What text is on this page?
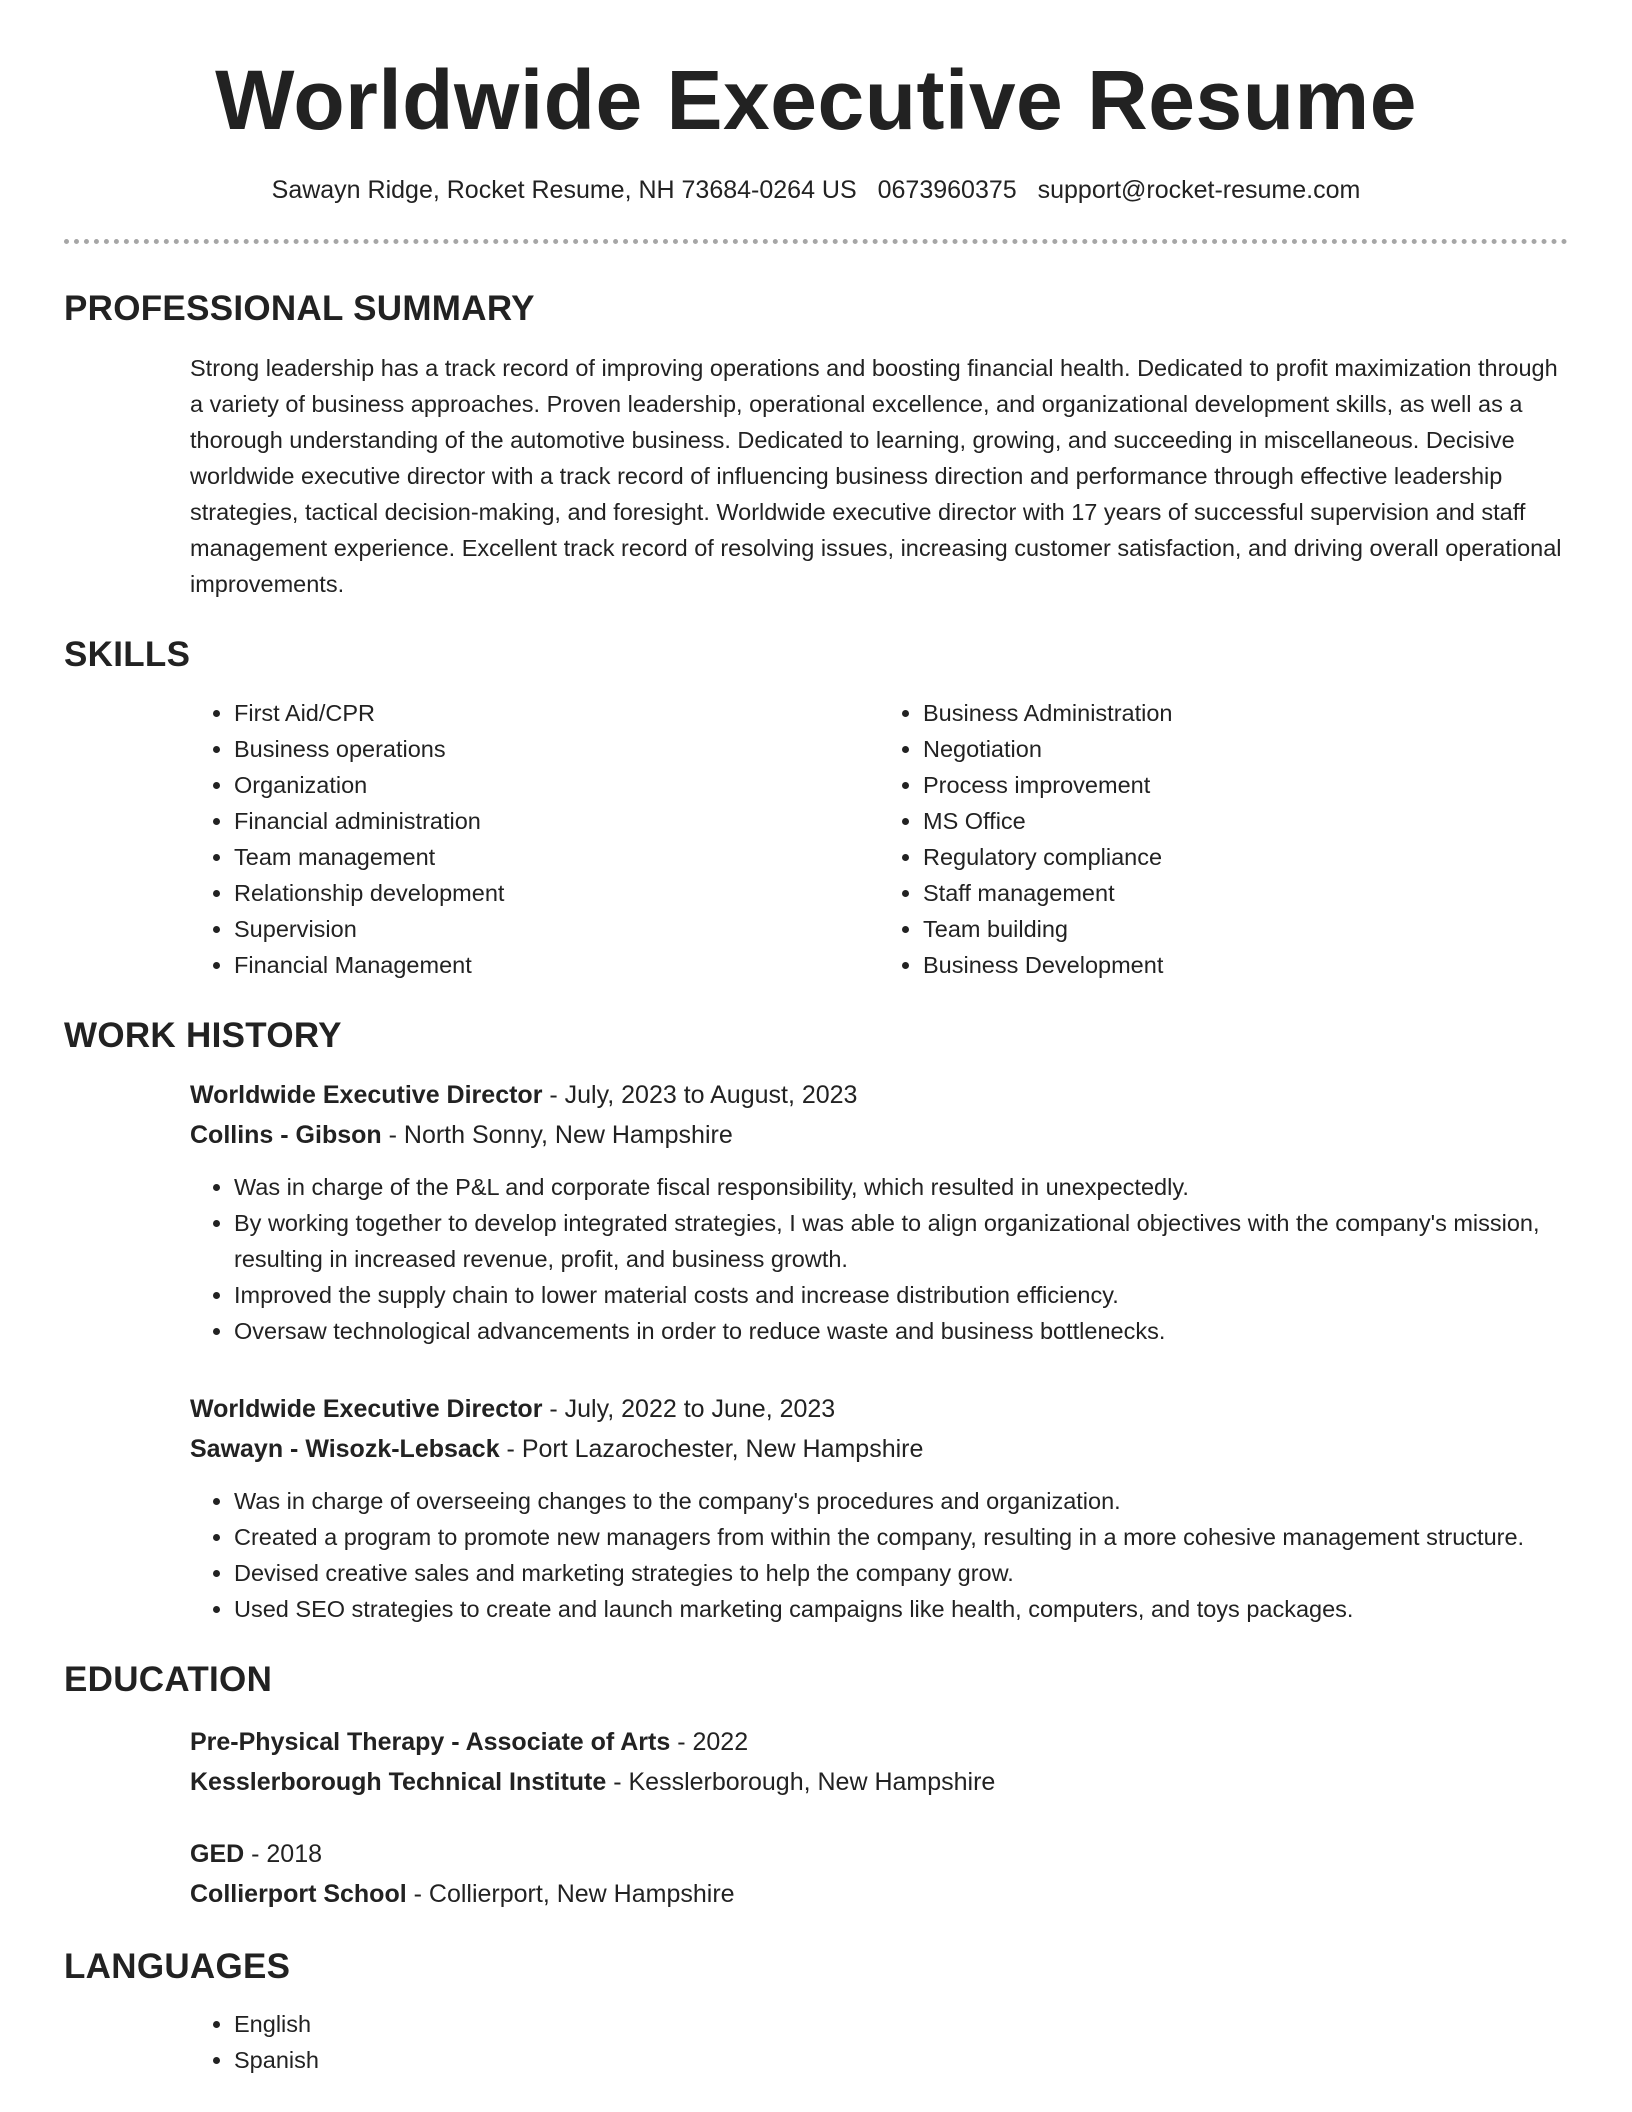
Worldwide Executive Resume
Sawayn Ridge, Rocket Resume, NH 73684-0264 US 0673960375 support@rocket-resume.com
PROFESSIONAL SUMMARY

Strong leadership has a track record of improving operations and boosting financial health. Dedicated to profit maximization through a variety of business approaches. Proven leadership, operational excellence, and organizational development skills, as well as a thorough understanding of the automotive business. Dedicated to learning, growing, and succeeding in miscellaneous. Decisive worldwide executive director with a track record of influencing business direction and performance through effective leadership strategies, tactical decision-making, and foresight. Worldwide executive director with 17 years of successful supervision and staff management experience. Excellent track record of resolving issues, increasing customer satisfaction, and driving overall operational improvements.

SKILLS
• First Aid/CPR
• Business operations
• Organization
• Financial administration
• Team management
• Relationship development
• Supervision
• Financial Management
• Business Administration
• Negotiation
• Process improvement
• MS Office
• Regulatory compliance
• Staff management
• Team building
• Business Development
WORK HISTORY
Worldwide Executive Director - July, 2023 to August, 2023
Collins - Gibson - North Sonny, New Hampshire
• Was in charge of the P&L and corporate fiscal responsibility, which resulted in unexpectedly.
• By working together to develop integrated strategies, I was able to align organizational objectives with the company's mission, resulting in increased revenue, profit, and business growth.
• Improved the supply chain to lower material costs and increase distribution efficiency.
• Oversaw technological advancements in order to reduce waste and business bottlenecks.
Worldwide Executive Director - July, 2022 to June, 2023
Sawayn - Wisozk-Lebsack - Port Lazarochester, New Hampshire
• Was in charge of overseeing changes to the company's procedures and organization.
• Created a program to promote new managers from within the company, resulting in a more cohesive management structure.
• Devised creative sales and marketing strategies to help the company grow.
• Used SEO strategies to create and launch marketing campaigns like health, computers, and toys packages.
EDUCATION
Pre-Physical Therapy - Associate of Arts - 2022
Kesslerborough Technical Institute - Kesslerborough, New Hampshire
GED - 2018
Collierport School - Collierport, New Hampshire
LANGUAGES
• English
• Spanish
